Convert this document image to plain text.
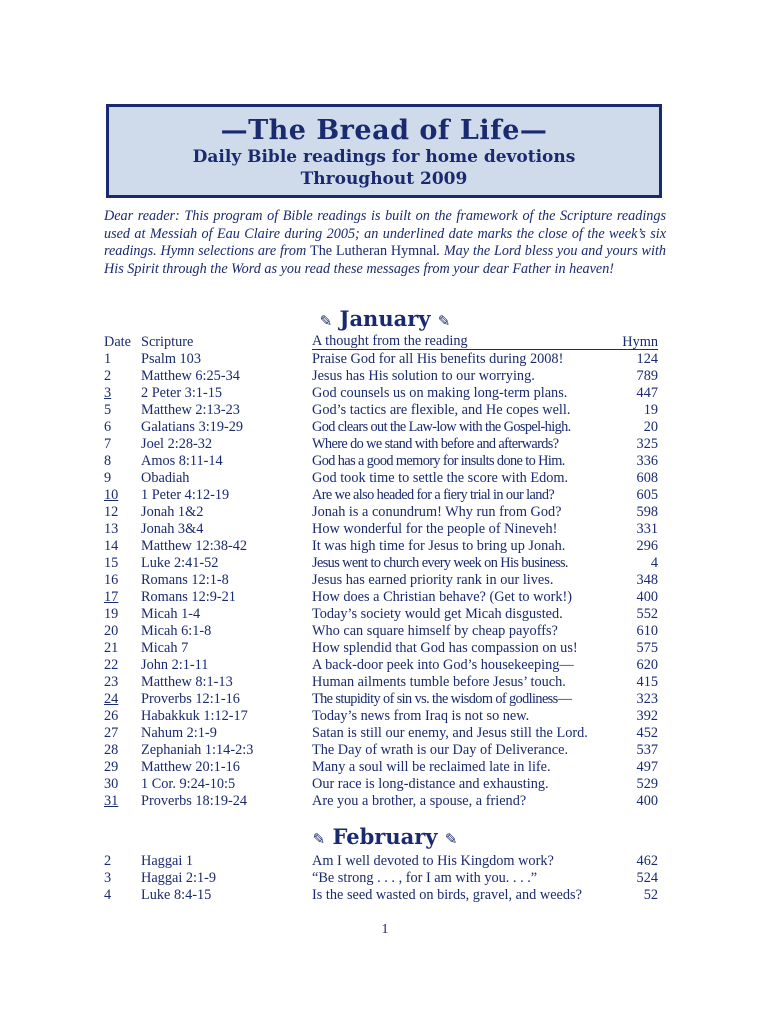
—The Bread of Life—
Daily Bible readings for home devotions
Throughout 2009
Dear reader: This program of Bible readings is built on the framework of the Scripture readings used at Messiah of Eau Claire during 2005; an underlined date marks the close of the week’s six readings. Hymn selections are from The Lutheran Hymnal. May the Lord bless you and yours with His Spirit through the Word as you read these messages from your dear Father in heaven!
✎ January ✎
Date Scripture	A thought from the reading	Hymn
1 Psalm 103	Praise God for all His benefits during 2008!	124
2 Matthew 6:25-34	Jesus has His solution to our worrying.	789
3 2 Peter 3:1-15	God counsels us on making long-term plans.	447
5 Matthew 2:13-23	God’s tactics are flexible, and He copes well.	19
6 Galatians 3:19-29	God clears out the Law-low with the Gospel-high.	20
7 Joel 2:28-32	Where do we stand with before and afterwards?	325
8 Amos 8:11-14	God has a good memory for insults done to Him.	336
9 Obadiah	God took time to settle the score with Edom.	608
10 1 Peter 4:12-19	Are we also headed for a fiery trial in our land?	605
12 Jonah 1&2	Jonah is a conundrum! Why run from God?	598
13 Jonah 3&4	How wonderful for the people of Nineveh!	331
14 Matthew 12:38-42	It was high time for Jesus to bring up Jonah.	296
15 Luke 2:41-52	Jesus went to church every week on His business.	4
16 Romans 12:1-8	Jesus has earned priority rank in our lives.	348
17 Romans 12:9-21	How does a Christian behave? (Get to work!)	400
19 Micah 1-4	Today’s society would get Micah disgusted.	552
20 Micah 6:1-8	Who can square himself by cheap payoffs?	610
21 Micah 7	How splendid that God has compassion on us!	575
22 John 2:1-11	A back-door peek into God’s housekeeping—	620
23 Matthew 8:1-13	Human ailments tumble before Jesus’ touch.	415
24 Proverbs 12:1-16	The stupidity of sin vs. the wisdom of godliness—	323
26 Habakkuk 1:12-17	Today’s news from Iraq is not so new.	392
27 Nahum 2:1-9	Satan is still our enemy, and Jesus still the Lord.	452
28 Zephaniah 1:14-2:3	The Day of wrath is our Day of Deliverance.	537
29 Matthew 20:1-16	Many a soul will be reclaimed late in life.	497
30 1 Cor. 9:24-10:5	Our race is long-distance and exhausting.	529
31 Proverbs 18:19-24	Are you a brother, a spouse, a friend?	400
✎ February ✎
2 Haggai 1	Am I well devoted to His Kingdom work?	462
3 Haggai 2:1-9	“Be strong . . . , for I am with you. . . .”	524
4 Luke 8:4-15	Is the seed wasted on birds, gravel, and weeds?	52
1
